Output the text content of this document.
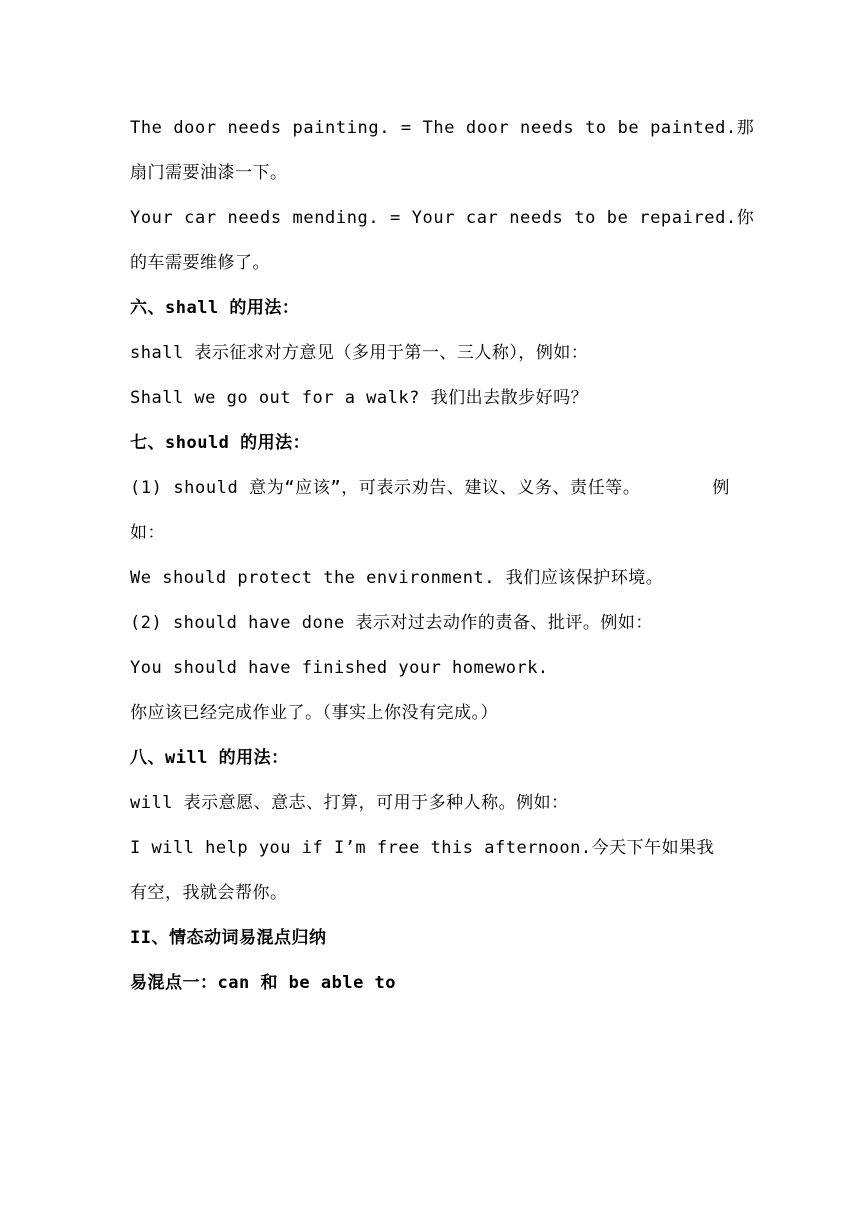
The door needs painting. = The door needs to be painted. 那
扇门需要油漆一下。
Your car needs mending. = Your car needs to be repaired. 你
的车需要维修了。
六、shall 的用法：
shall 表示征求对方意见（多用于第一、三人称），例如：
Shall we go out for a walk? 我们出去散步好吗？
七、should 的用法：
(1) should 意为“应该”，可表示劝告、建议、义务、责任等。	例
如：
We should protect the environment. 我们应该保护环境。
(2) should have done 表示对过去动作的责备、批评。例如：
You should have finished your homework.
你应该已经完成作业了。（事实上你没有完成。）
八、will 的用法：
will 表示意愿、意志、打算，可用于多种人称。例如：
I will help you if I’m free this afternoon.今天下午如果我
有空，我就会帮你。
II、情态动词易混点归纳
易混点一：can 和 be able to
